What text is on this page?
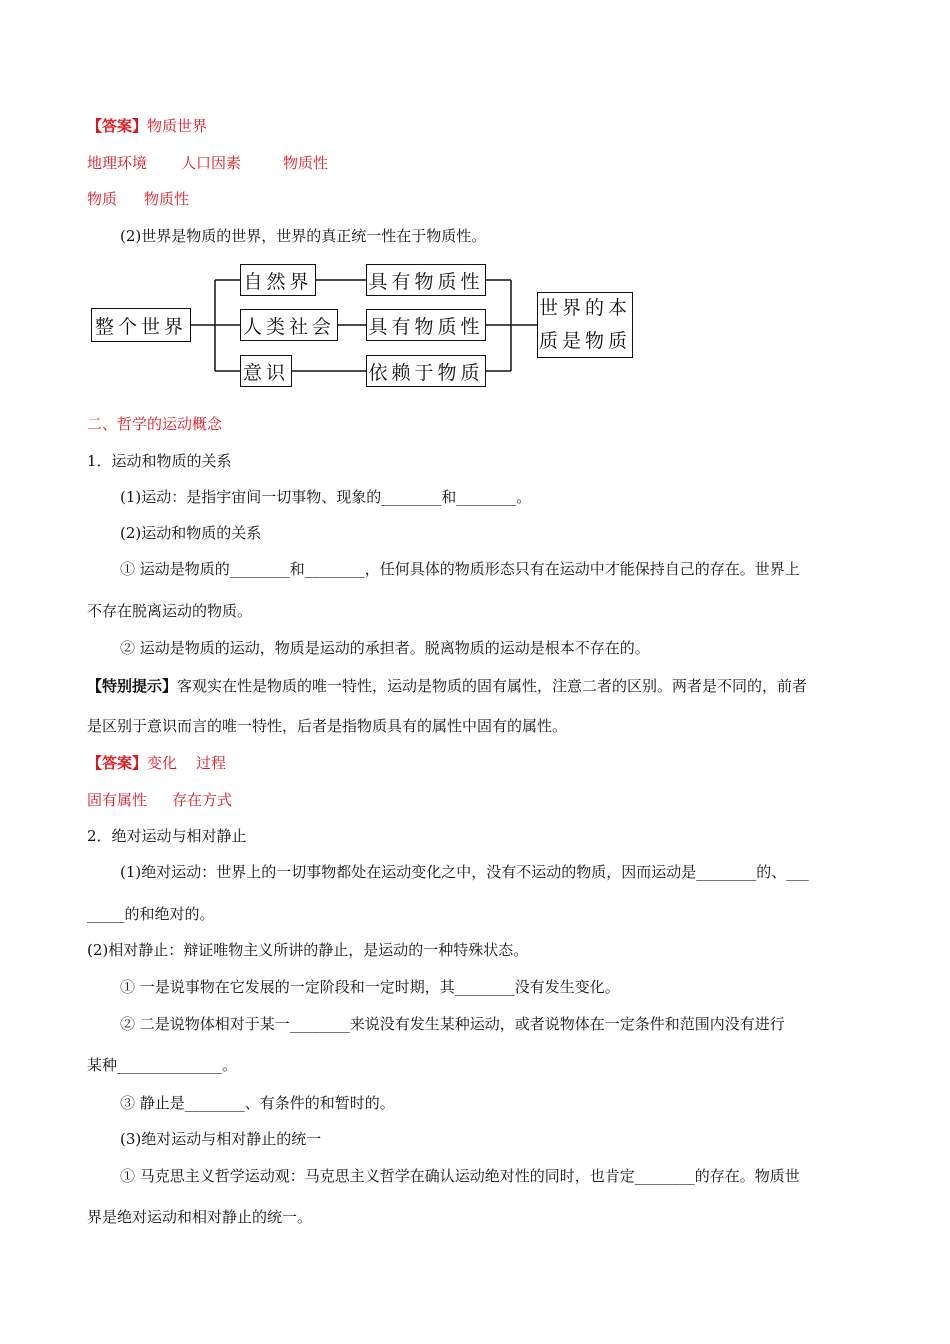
【答案】物质世界
地理环境 人口因素	物质性
物质 物质性
(2)世界是物质的世界，世界的真正统一性在于物质性。
整个世界
自然界
人类社会
意识
具有物质性
具有物质性
依赖于物质
世界的本
质是物质
二、哲学的运动概念
1．运动和物质的关系
(1)运动：是指宇宙间一切事物、现象的________和________。
(2)运动和物质的关系
① 运动是物质的________和________，任何具体的物质形态只有在运动中才能保持自己的存在。世界上
不存在脱离运动的物质。
② 运动是物质的运动，物质是运动的承担者。脱离物质的运动是根本不存在的。
【特别提示】客观实在性是物质的唯一特性，运动是物质的固有属性，注意二者的区别。两者是不同的，前者
是区别于意识而言的唯一特性，后者是指物质具有的属性中固有的属性。
【答案】变化 过程
固有属性 存在方式
2．绝对运动与相对静止
(1)绝对运动：世界上的一切事物都处在运动变化之中，没有不运动的物质，因而运动是________的、___
_____的和绝对的。
(2)相对静止：辩证唯物主义所讲的静止，是运动的一种特殊状态。
① 一是说事物在它发展的一定阶段和一定时期，其________没有发生变化。
② 二是说物体相对于某一________来说没有发生某种运动，或者说物体在一定条件和范围内没有进行
某种______________。
③ 静止是________、有条件的和暂时的。
(3)绝对运动与相对静止的统一
① 马克思主义哲学运动观：马克思主义哲学在确认运动绝对性的同时，也肯定________的存在。物质世
界是绝对运动和相对静止的统一。
